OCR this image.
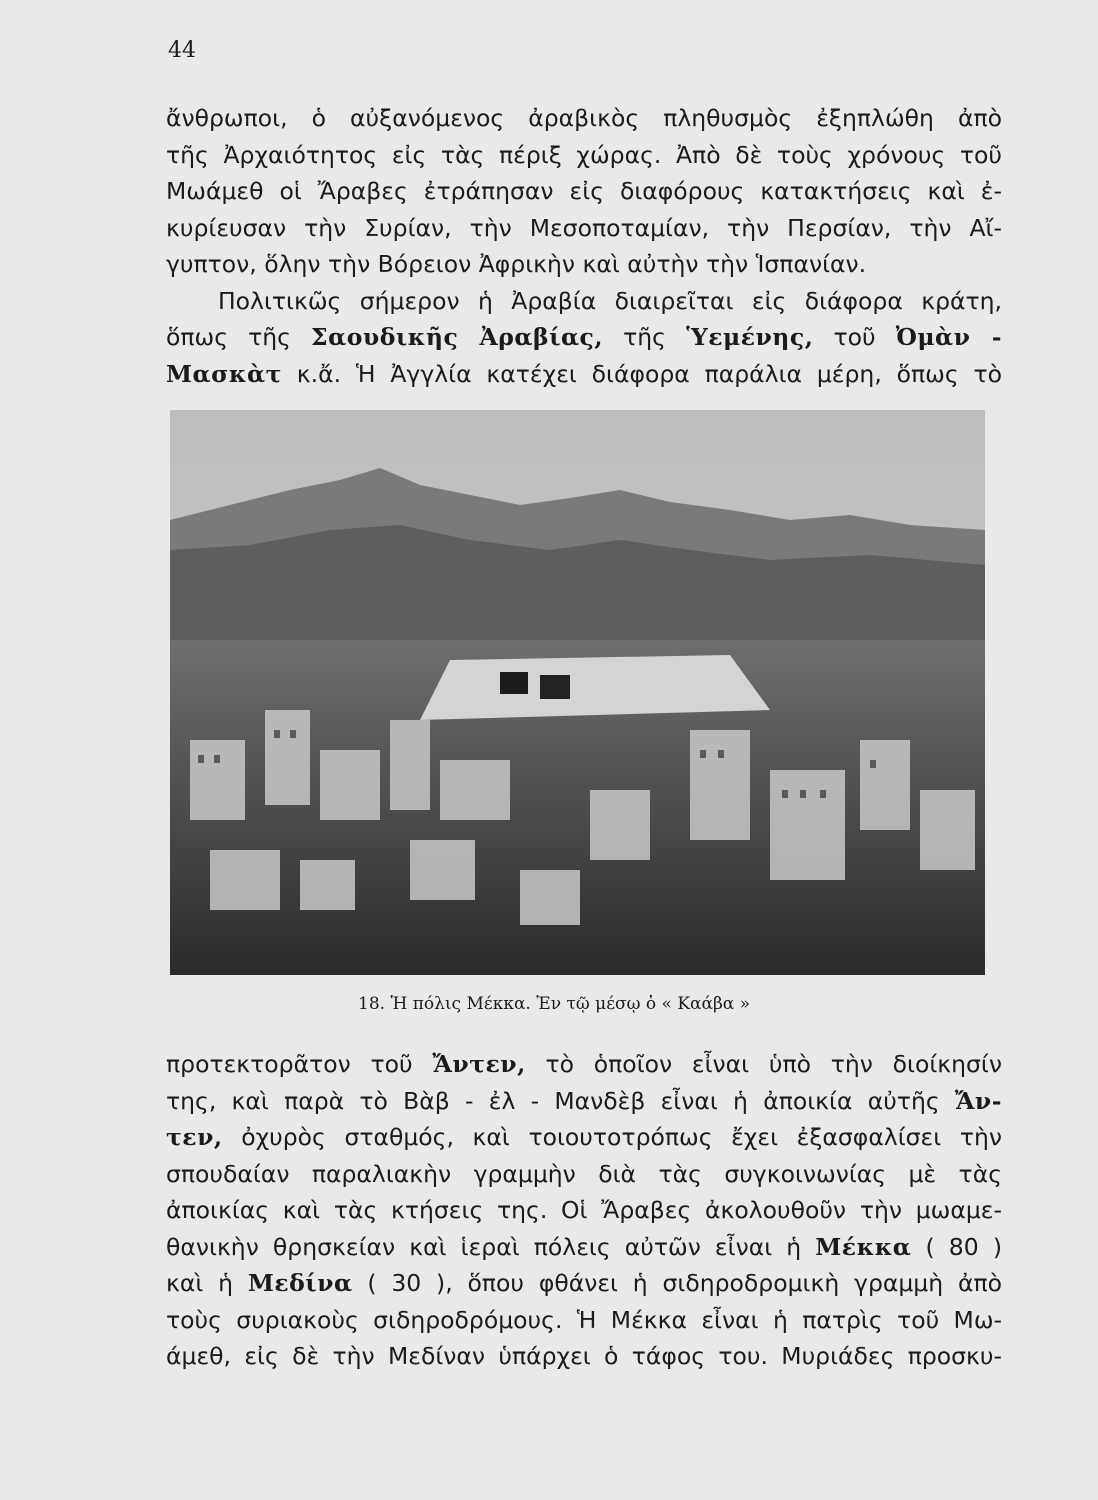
44
ἄνθρωποι, ὁ αὐξανόμενος ἀραβικὸς πληθυσμὸς ἐξηπλώθη ἀπὸ
τῆς Ἀρχαιότητος εἰς τὰς πέριξ χώρας. Ἀπὸ δὲ τοὺς χρόνους τοῦ
Μωάμεθ οἱ Ἄραβες ἐτράπησαν εἰς διαφόρους κατακτήσεις καὶ ἐ-
κυρίευσαν τὴν Συρίαν, τὴν Μεσοποταμίαν, τὴν Περσίαν, τὴν Αἴ-
γυπτον, ὅλην τὴν Βόρειον Ἀφρικὴν καὶ αὐτὴν τὴν Ἱσπανίαν.
Πολιτικῶς σήμερον ἡ Ἀραβία διαιρεῖται εἰς διάφορα κράτη,
ὅπως τῆς Σαουδικῆς Ἀραβίας, τῆς Ὑεμένης, τοῦ Ὀμὰν -
Μασκὰτ κ.ἄ. Ἡ Ἀγγλία κατέχει διάφορα παράλια μέρη, ὅπως τὸ
18. Ἡ πόλις Μέκκα. Ἐν τῷ μέσῳ ὁ « Καάβα »
προτεκτορᾶτον τοῦ Ἄντεν, τὸ ὁποῖον εἶναι ὑπὸ τὴν διοίκησίν
της, καὶ παρὰ τὸ Βὰβ - ἐλ - Μανδὲβ εἶναι ἡ ἀποικία αὐτῆς Ἄν-
τεν, ὀχυρὸς σταθμός, καὶ τοιουτοτρόπως ἔχει ἐξασφαλίσει τὴν
σπουδαίαν παραλιακὴν γραμμὴν διὰ τὰς συγκοινωνίας μὲ τὰς
ἀποικίας καὶ τὰς κτήσεις της. Οἱ Ἄραβες ἀκολουθοῦν τὴν μωαμε-
θανικὴν θρησκείαν καὶ ἱεραὶ πόλεις αὐτῶν εἶναι ἡ Μέκκα ( 80 )
καὶ ἡ Μεδίνα ( 30 ), ὅπου φθάνει ἡ σιδηροδρομικὴ γραμμὴ ἀπὸ
τοὺς συριακοὺς σιδηροδρόμους. Ἡ Μέκκα εἶναι ἡ πατρὶς τοῦ Μω-
άμεθ, εἰς δὲ τὴν Μεδίναν ὑπάρχει ὁ τάφος του. Μυριάδες προσκυ-
